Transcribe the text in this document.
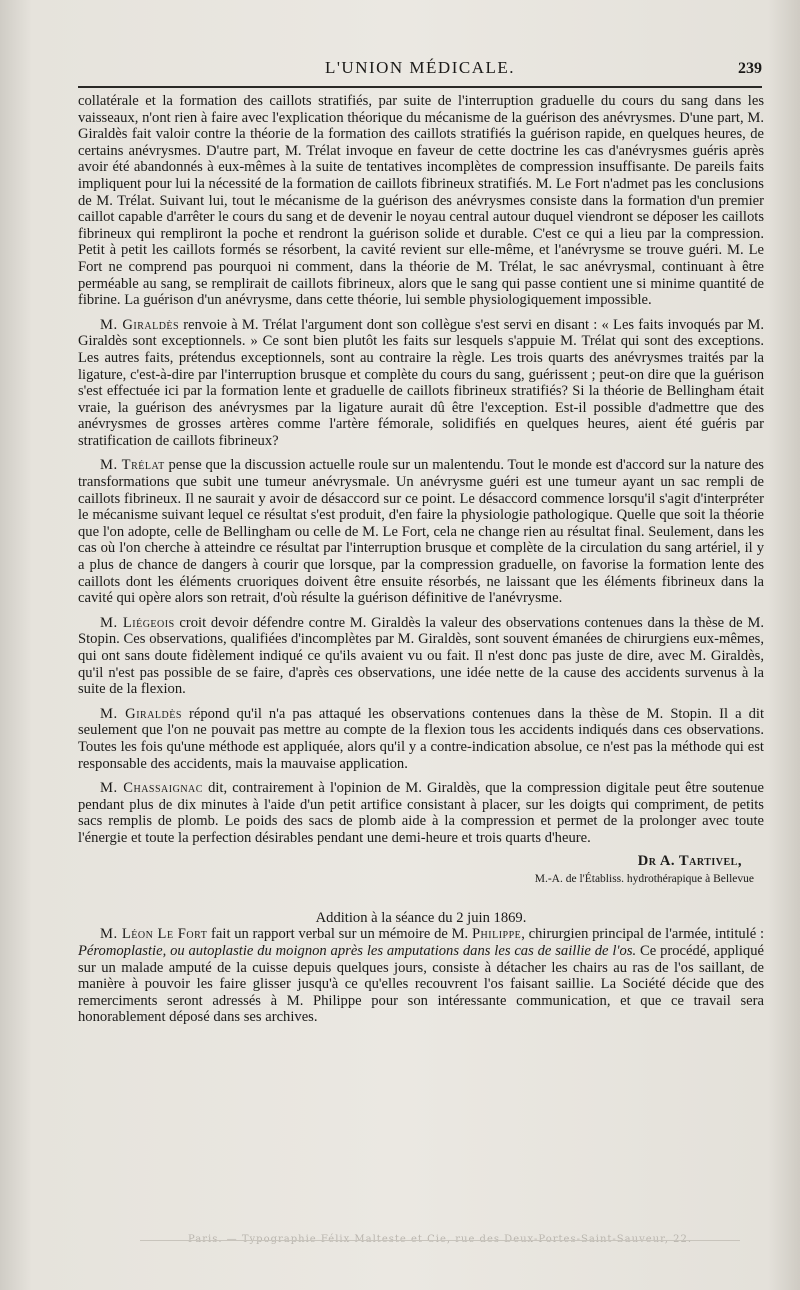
L'UNION MÉDICALE.	239

collatérale et la formation des caillots stratifiés, par suite de l'interruption graduelle du cours du sang dans les vaisseaux, n'ont rien à faire avec l'explication théorique du mécanisme de la guérison des anévrysmes. D'une part, M. Giraldès fait valoir contre la théorie de la formation des caillots stratifiés la guérison rapide, en quelques heures, de certains anévrysmes. D'autre part, M. Trélat invoque en faveur de cette doctrine les cas d'anévrysmes guéris après avoir été abandonnés à eux-mêmes à la suite de tentatives incomplètes de compression insuffisante. De pareils faits impliquent pour lui la nécessité de la formation de caillots fibrineux stratifiés. M. Le Fort n'admet pas les conclusions de M. Trélat. Suivant lui, tout le mécanisme de la guérison des anévrysmes consiste dans la formation d'un premier caillot capable d'arrêter le cours du sang et de devenir le noyau central autour duquel viendront se déposer les caillots fibrineux qui rempliront la poche et rendront la guérison solide et durable. C'est ce qui a lieu par la compression. Petit à petit les caillots formés se résorbent, la cavité revient sur elle-même, et l'anévrysme se trouve guéri. M. Le Fort ne comprend pas pourquoi ni comment, dans la théorie de M. Trélat, le sac anévrysmal, continuant à être perméable au sang, se remplirait de caillots fibrineux, alors que le sang qui passe contient une si minime quantité de fibrine. La guérison d'un anévrysme, dans cette théorie, lui semble physiologiquement impossible.

M. Giraldès renvoie à M. Trélat l'argument dont son collègue s'est servi en disant : « Les faits invoqués par M. Giraldès sont exceptionnels. » Ce sont bien plutôt les faits sur lesquels s'appuie M. Trélat qui sont des exceptions. Les autres faits, prétendus exceptionnels, sont au contraire la règle. Les trois quarts des anévrysmes traités par la ligature, c'est-à-dire par l'interruption brusque et complète du cours du sang, guérissent ; peut-on dire que la guérison s'est effectuée ici par la formation lente et graduelle de caillots fibrineux stratifiés? Si la théorie de Bellingham était vraie, la guérison des anévrysmes par la ligature aurait dû être l'exception. Est-il possible d'admettre que des anévrysmes de grosses artères comme l'artère fémorale, solidifiés en quelques heures, aient été guéris par stratification de caillots fibrineux?

M. Trélat pense que la discussion actuelle roule sur un malentendu. Tout le monde est d'accord sur la nature des transformations que subit une tumeur anévrysmale. Un anévrysme guéri est une tumeur ayant un sac rempli de caillots fibrineux. Il ne saurait y avoir de désaccord sur ce point. Le désaccord commence lorsqu'il s'agit d'interpréter le mécanisme suivant lequel ce résultat s'est produit, d'en faire la physiologie pathologique. Quelle que soit la théorie que l'on adopte, celle de Bellingham ou celle de M. Le Fort, cela ne change rien au résultat final. Seulement, dans les cas où l'on cherche à atteindre ce résultat par l'interruption brusque et complète de la circulation du sang artériel, il y a plus de chance de dangers à courir que lorsque, par la compression graduelle, on favorise la formation lente des caillots dont les éléments cruoriques doivent être ensuite résorbés, ne laissant que les éléments fibrineux dans la cavité qui opère alors son retrait, d'où résulte la guérison définitive de l'anévrysme.

M. Liégeois croit devoir défendre contre M. Giraldès la valeur des observations contenues dans la thèse de M. Stopin. Ces observations, qualifiées d'incomplètes par M. Giraldès, sont souvent émanées de chirurgiens eux-mêmes, qui ont sans doute fidèlement indiqué ce qu'ils avaient vu ou fait. Il n'est donc pas juste de dire, avec M. Giraldès, qu'il n'est pas possible de se faire, d'après ces observations, une idée nette de la cause des accidents survenus à la suite de la flexion.

M. Giraldès répond qu'il n'a pas attaqué les observations contenues dans la thèse de M. Stopin. Il a dit seulement que l'on ne pouvait pas mettre au compte de la flexion tous les accidents indiqués dans ces observations. Toutes les fois qu'une méthode est appliquée, alors qu'il y a contre-indication absolue, ce n'est pas la méthode qui est responsable des accidents, mais la mauvaise application.

M. Chassaignac dit, contrairement à l'opinion de M. Giraldès, que la compression digitale peut être soutenue pendant plus de dix minutes à l'aide d'un petit artifice consistant à placer, sur les doigts qui compriment, de petits sacs remplis de plomb. Le poids des sacs de plomb aide à la compression et permet de la prolonger avec toute l'énergie et toute la perfection désirables pendant une demi-heure et trois quarts d'heure.

Dr A. Tartivel,
M.-A. de l'Établiss. hydrothérapique à Bellevue
Addition à la séance du 2 juin 1869.

M. Léon Le Fort fait un rapport verbal sur un mémoire de M. Philippe, chirurgien principal de l'armée, intitulé : Péromoplastie, ou autoplastie du moignon après les amputations dans les cas de saillie de l'os. Ce procédé, appliqué sur un malade amputé de la cuisse depuis quelques jours, consiste à détacher les chairs au ras de l'os saillant, de manière à pouvoir les faire glisser jusqu'à ce qu'elles recouvrent l'os faisant saillie. La Société décide que des remerciments seront adressés à M. Philippe pour son intéressante communication, et que ce travail sera honorablement déposé dans ses archives.

Paris. — Typographie Félix Malteste et Cie, rue des Deux-Portes-Saint-Sauveur, 22.
